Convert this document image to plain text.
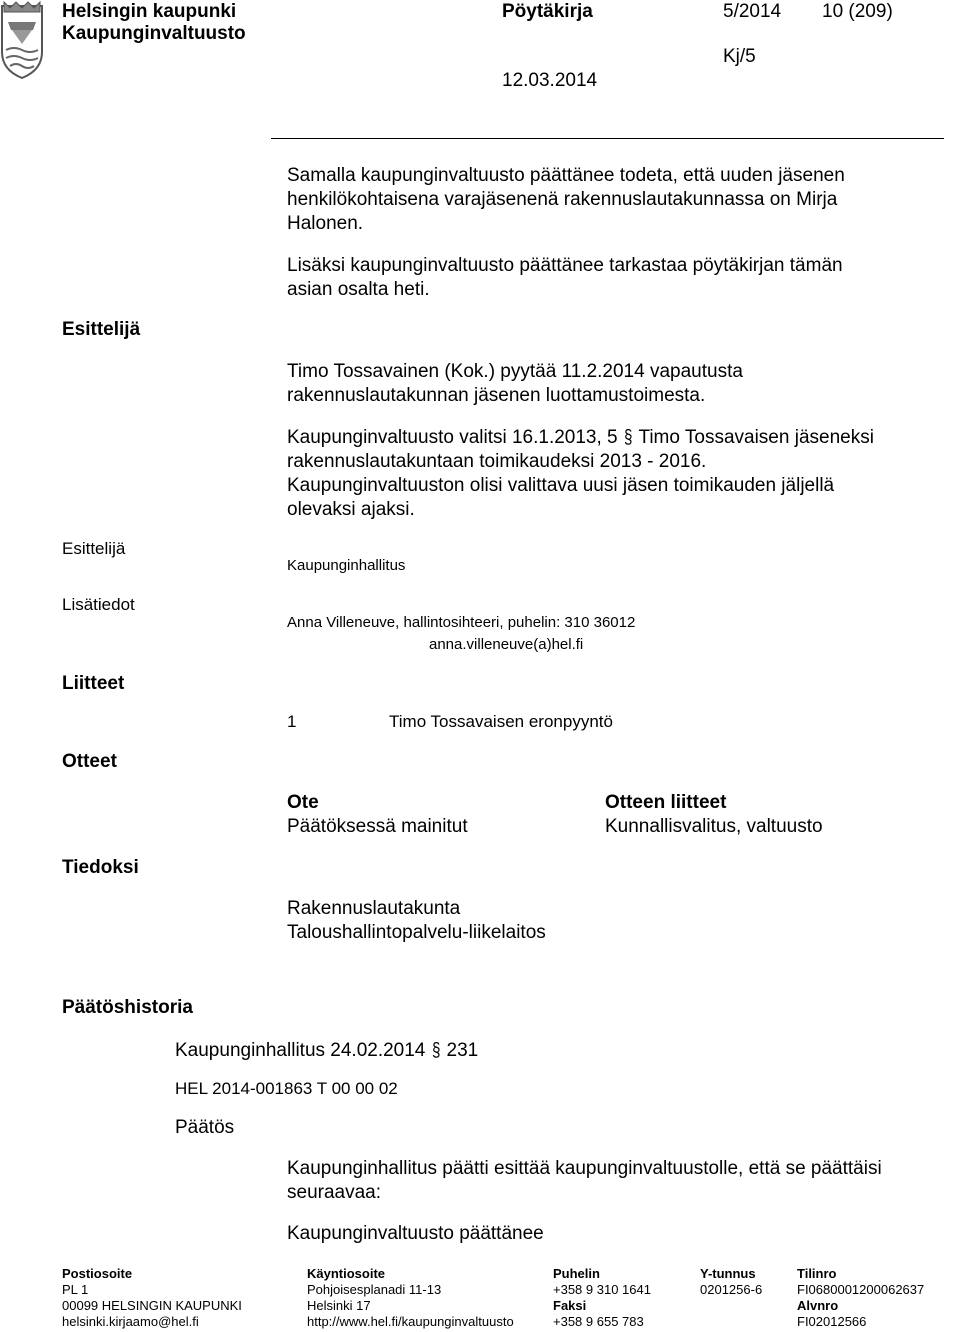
Helsingin kaupunki
Kaupunginvaltuusto
Pöytäkirja	5/2014 10 (209)
Kj/5
12.03.2014
Samalla kaupunginvaltuusto päättänee todeta, että uuden jäsenen
henkilökohtaisena varajäsenenä rakennuslautakunnassa on Mirja
Halonen.
Lisäksi kaupunginvaltuusto päättänee tarkastaa pöytäkirjan tämän
asian osalta heti.
Esittelijä
Timo Tossavainen (Kok.) pyytää 11.2.2014 vapautusta
rakennuslautakunnan jäsenen luottamustoimesta.
Kaupunginvaltuusto valitsi 16.1.2013, 5 § Timo Tossavaisen jäseneksi
rakennuslautakuntaan toimikaudeksi 2013 - 2016.
Kaupunginvaltuuston olisi valittava uusi jäsen toimikauden jäljellä
olevaksi ajaksi.
Esittelijä
Kaupunginhallitus
Lisätiedot
Anna Villeneuve, hallintosihteeri, puhelin: 310 36012
anna.villeneuve(a)hel.fi
Liitteet
1	Timo Tossavaisen eronpyyntö
Otteet
Ote
Päätöksessä mainitut
Otteen liitteet
Kunnallisvalitus, valtuusto
Tiedoksi
Rakennuslautakunta
Taloushallintopalvelu-liikelaitos
Päätöshistoria
Kaupunginhallitus 24.02.2014 § 231
HEL 2014-001863 T 00 00 02
Päätös
Kaupunginhallitus päätti esittää kaupunginvaltuustolle, että se päättäisi
seuraavaa:
Kaupunginvaltuusto päättänee
Postiosoite
PL 1
00099 HELSINGIN KAUPUNKI
helsinki.kirjaamo@hel.fi
Käyntiosoite
Pohjoisesplanadi 11-13
Helsinki 17
http://www.hel.fi/kaupunginvaltuusto
Puhelin
+358 9 310 1641
Faksi
+358 9 655 783
Y-tunnus
0201256-6
Tilinro
FI0680001200062637
Alvnro
FI02012566
